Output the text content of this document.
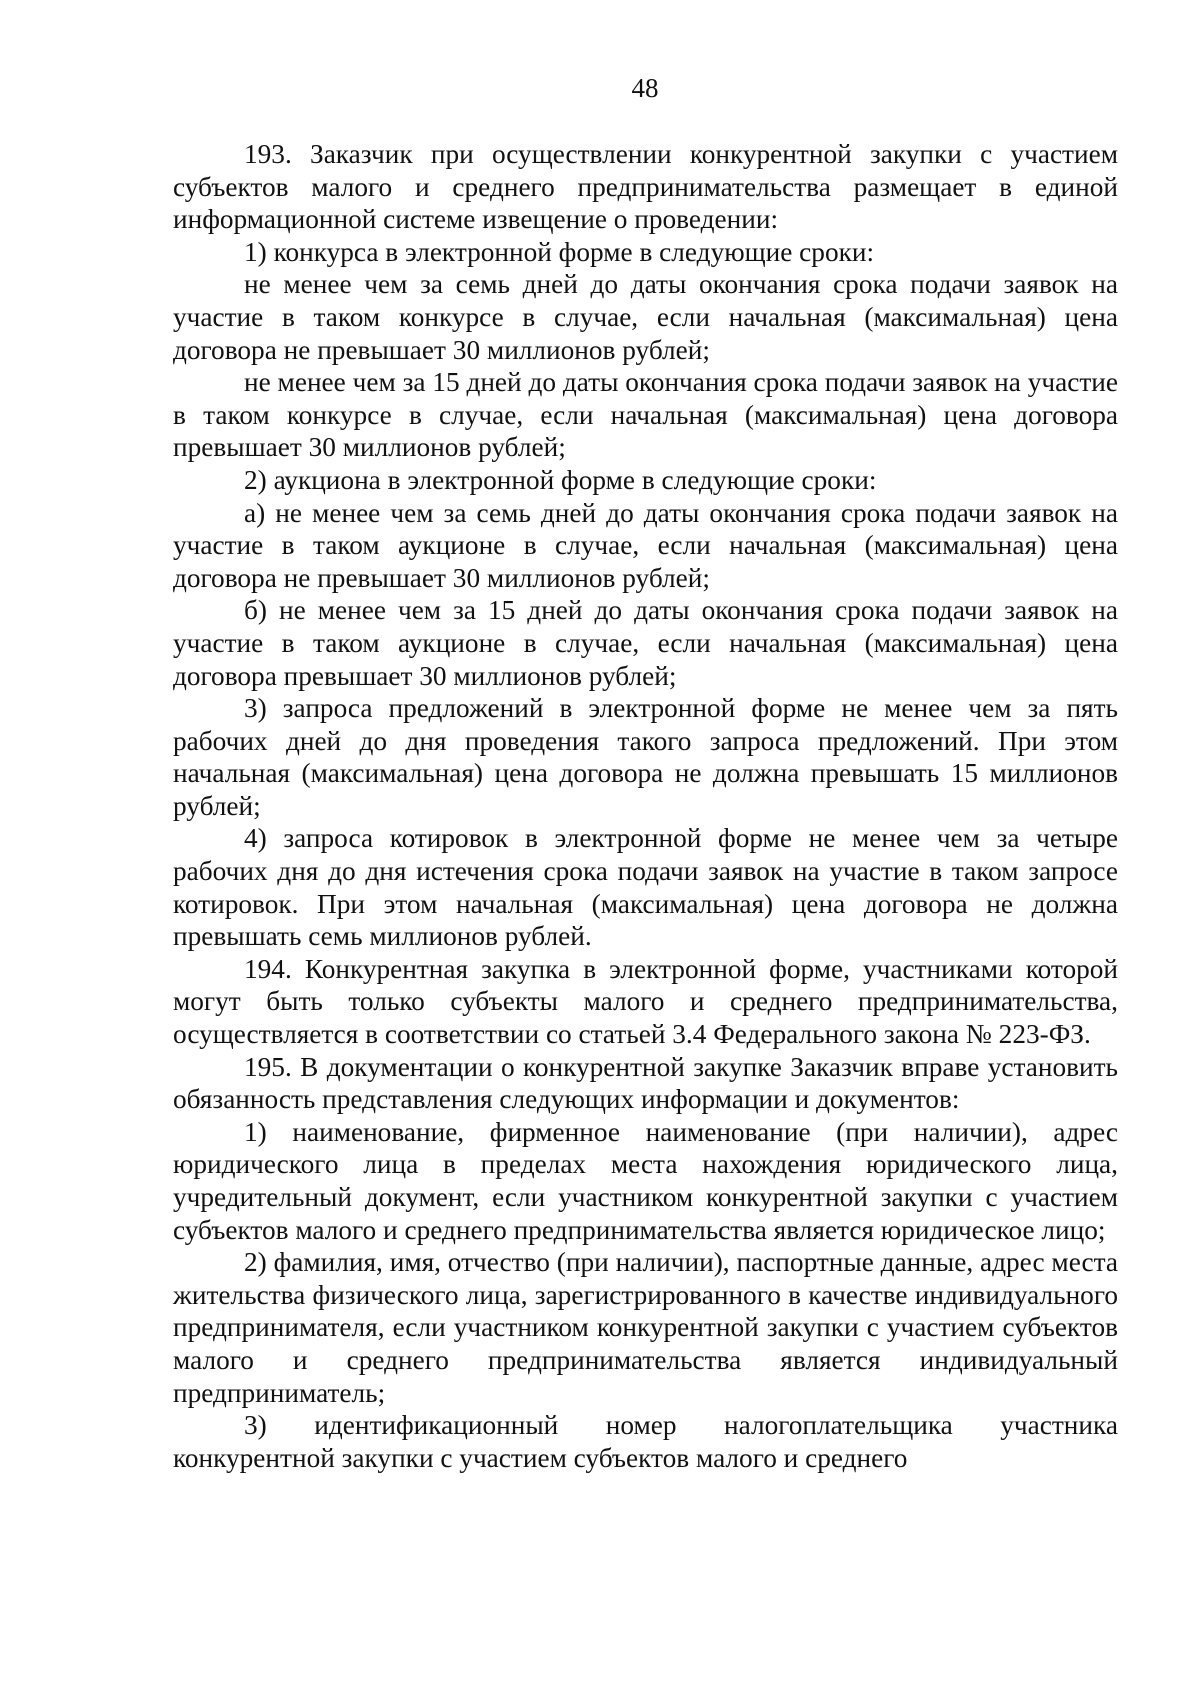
48

193. Заказчик при осуществлении конкурентной закупки с участием субъектов малого и среднего предпринимательства размещает в единой информационной системе извещение о проведении:

1) конкурса в электронной форме в следующие сроки:

не менее чем за семь дней до даты окончания срока подачи заявок на участие в таком конкурсе в случае, если начальная (максимальная) цена договора не превышает 30 миллионов рублей;

не менее чем за 15 дней до даты окончания срока подачи заявок на участие в таком конкурсе в случае, если начальная (максимальная) цена договора превышает 30 миллионов рублей;

2) аукциона в электронной форме в следующие сроки:

а) не менее чем за семь дней до даты окончания срока подачи заявок на участие в таком аукционе в случае, если начальная (максимальная) цена договора не превышает 30 миллионов рублей;

б) не менее чем за 15 дней до даты окончания срока подачи заявок на участие в таком аукционе в случае, если начальная (максимальная) цена договора превышает 30 миллионов рублей;

3) запроса предложений в электронной форме не менее чем за пять рабочих дней до дня проведения такого запроса предложений. При этом начальная (максимальная) цена договора не должна превышать 15 миллионов рублей;

4) запроса котировок в электронной форме не менее чем за четыре рабочих дня до дня истечения срока подачи заявок на участие в таком запросе котировок. При этом начальная (максимальная) цена договора не должна превышать семь миллионов рублей.

194. Конкурентная закупка в электронной форме, участниками которой могут быть только субъекты малого и среднего предпринимательства, осуществляется в соответствии со статьей 3.4 Федерального закона № 223-ФЗ.

195. В документации о конкурентной закупке Заказчик вправе установить обязанность представления следующих информации и документов:

1) наименование, фирменное наименование (при наличии), адрес юридического лица в пределах места нахождения юридического лица, учредительный документ, если участником конкурентной закупки с участием субъектов малого и среднего предпринимательства является юридическое лицо;

2) фамилия, имя, отчество (при наличии), паспортные данные, адрес места жительства физического лица, зарегистрированного в качестве индивидуального предпринимателя, если участником конкурентной закупки с участием субъектов малого и среднего предпринимательства является индивидуальный предприниматель;

3) идентификационный номер налогоплательщика участника конкурентной закупки с участием субъектов малого и среднего
